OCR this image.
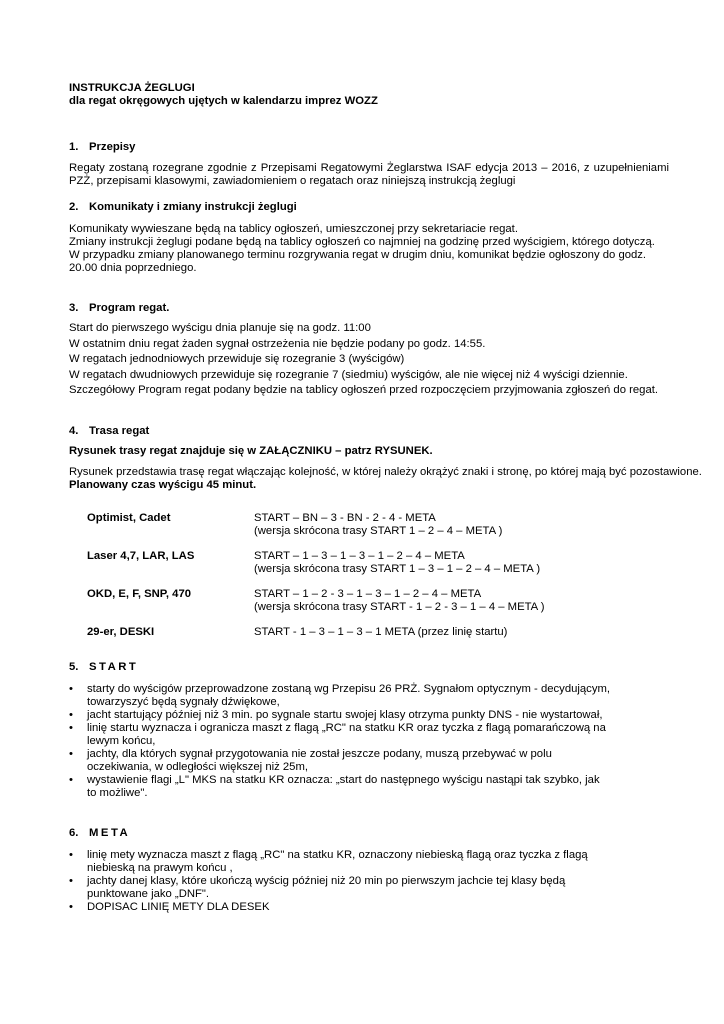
INSTRUKCJA ŻEGLUGI
dla regat okręgowych ujętych w kalendarzu imprez WOZZ
1. Przepisy
Regaty zostaną rozegrane zgodnie z Przepisami Regatowymi Żeglarstwa ISAF edycja 2013 – 2016, z uzupełnieniami PZŻ, przepisami klasowymi, zawiadomieniem o regatach oraz niniejszą instrukcją żeglugi
2. Komunikaty i zmiany instrukcji żeglugi
Komunikaty wywieszane będą na tablicy ogłoszeń, umieszczonej przy sekretariacie regat.
Zmiany instrukcji żeglugi podane będą na tablicy ogłoszeń co najmniej na godzinę przed wyścigiem, którego dotyczą.
W przypadku zmiany planowanego terminu rozgrywania regat w drugim dniu, komunikat będzie ogłoszony do godz.
20.00 dnia poprzedniego.
3. Program regat.
Start do pierwszego wyścigu dnia planuje się na godz. 11:00
W ostatnim dniu regat żaden sygnał ostrzeżenia nie będzie podany po godz. 14:55.
W regatach jednodniowych przewiduje się rozegranie 3 (wyścigów)
W regatach dwudniowych przewiduje się rozegranie 7 (siedmiu) wyścigów, ale nie więcej niż 4 wyścigi dziennie.
Szczegółowy Program regat podany będzie na tablicy ogłoszeń przed rozpoczęciem przyjmowania zgłoszeń do regat.
4. Trasa regat
Rysunek trasy regat znajduje się w ZAŁĄCZNIKU – patrz RYSUNEK.
Rysunek przedstawia trasę regat włączając kolejność, w której należy okrążyć znaki i stronę, po której mają być pozostawione.
Planowany czas wyścigu 45 minut.
Optimist, Cadet	START – BN – 3 - BN - 2 - 4 - META
(wersja skrócona trasy START 1 – 2 – 4 – META )
Laser 4,7, LAR, LAS	START – 1 – 3 – 1 – 3 – 1 – 2 – 4 – META
(wersja skrócona trasy START 1 – 3 – 1 – 2 – 4 – META )
OKD, E, F, SNP, 470	START – 1 – 2 - 3 – 1 – 3 – 1 – 2 – 4 – META
(wersja skrócona trasy START - 1 – 2 - 3 – 1 – 4 – META )
29-er, DESKI	START - 1 – 3 – 1 – 3 – 1 META (przez linię startu)
5. START
• starty do wyścigów przeprowadzone zostaną wg Przepisu 26 PRŻ. Sygnałom optycznym - decydującym,
towarzyszyć będą sygnały dźwiękowe,
• jacht startujący później niż 3 min. po sygnale startu swojej klasy otrzyma punkty DNS - nie wystartował,
• linię startu wyznacza i ogranicza maszt z flagą „RC" na statku KR oraz tyczka z flagą pomarańczową na
lewym końcu,
• jachty, dla których sygnał przygotowania nie został jeszcze podany, muszą przebywać w polu
oczekiwania, w odległości większej niż 25m,
• wystawienie flagi „L" MKS na statku KR oznacza: „start do następnego wyścigu nastąpi tak szybko, jak
to możliwe".
6. META
• linię mety wyznacza maszt z flagą „RC" na statku KR, oznaczony niebieską flagą oraz tyczka z flagą
niebieską na prawym końcu ,
• jachty danej klasy, które ukończą wyścig później niż 20 min po pierwszym jachcie tej klasy będą
punktowane jako „DNF".
• DOPISAC LINIĘ METY DLA DESEK
